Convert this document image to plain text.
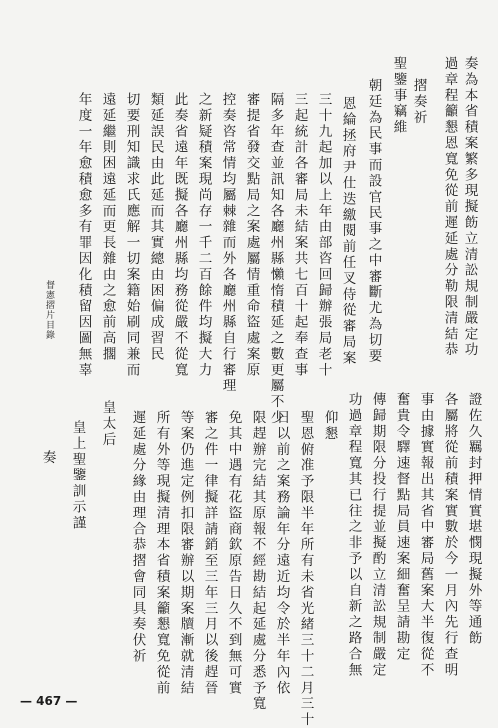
督憲摺片目錄	奏為本省積案繁多現擬飭立清訟規制嚴定功
過章程籲懇恩寬免從前遲延處分勒限清結恭
摺奏祈
聖鑒事竊維
朝廷為民事而設官民事之中審斷尤為切要
恩綸拯府尹仕迭繳閱前任叉侍從審局案
三十九起加以上年由部咨回歸辦張局老十
三起統計各審局未結案共七百十起奉查事
隔多年查並訊知各廳州縣懶惰積延之數更屬不少
審提省發交點局之案處屬情重命盜處案原
控奏咨常情均屬棘雜而外各廳州縣自行審理
之新疑積案現尚存一千二百餘件均擬大力
此奏省遠年既擬各廳州縣均務從嚴不從寬
類延誤民由此延而其實總由困偏成習民
切要刑知識求氏應解一切案籍始刷同兼而
遠延繼則困遠延而更長雜由之愈前高擱
年度一年愈積愈多有罪因化積留因圖無辜
證佐久羈封押情實堪憫現擬外等通飭
各屬將從前積案實數於今一月內先行查明
事由據實報出其省中審局舊案大半復從不
奮貴令驛速督點局員速案細奮呈請勘定
傳歸期限分投行提並擬酌立清訟規制嚴定
功過章程寬其已往之非予以自新之路合無
仰懇
聖恩俯准予限半年所有未省光緒三十二月三十
日以前之案務論年分遠近均令於半年內依
限趕辦完結其原報不經勘結起延處分悉予寬
免其中遇有花盜商欽原告日久不到無可實
審之件一律擬詳請銷至三年三月以後趕晉
等案仍進定例扣限審辦以期案牘漸就清結
所有外等現擬清理本省積案籲懇寬免從前
遲延處分緣由理合恭摺會同具奏伏祈
皇太后
皇上聖鑒訓示謹
奏
— 467 —
